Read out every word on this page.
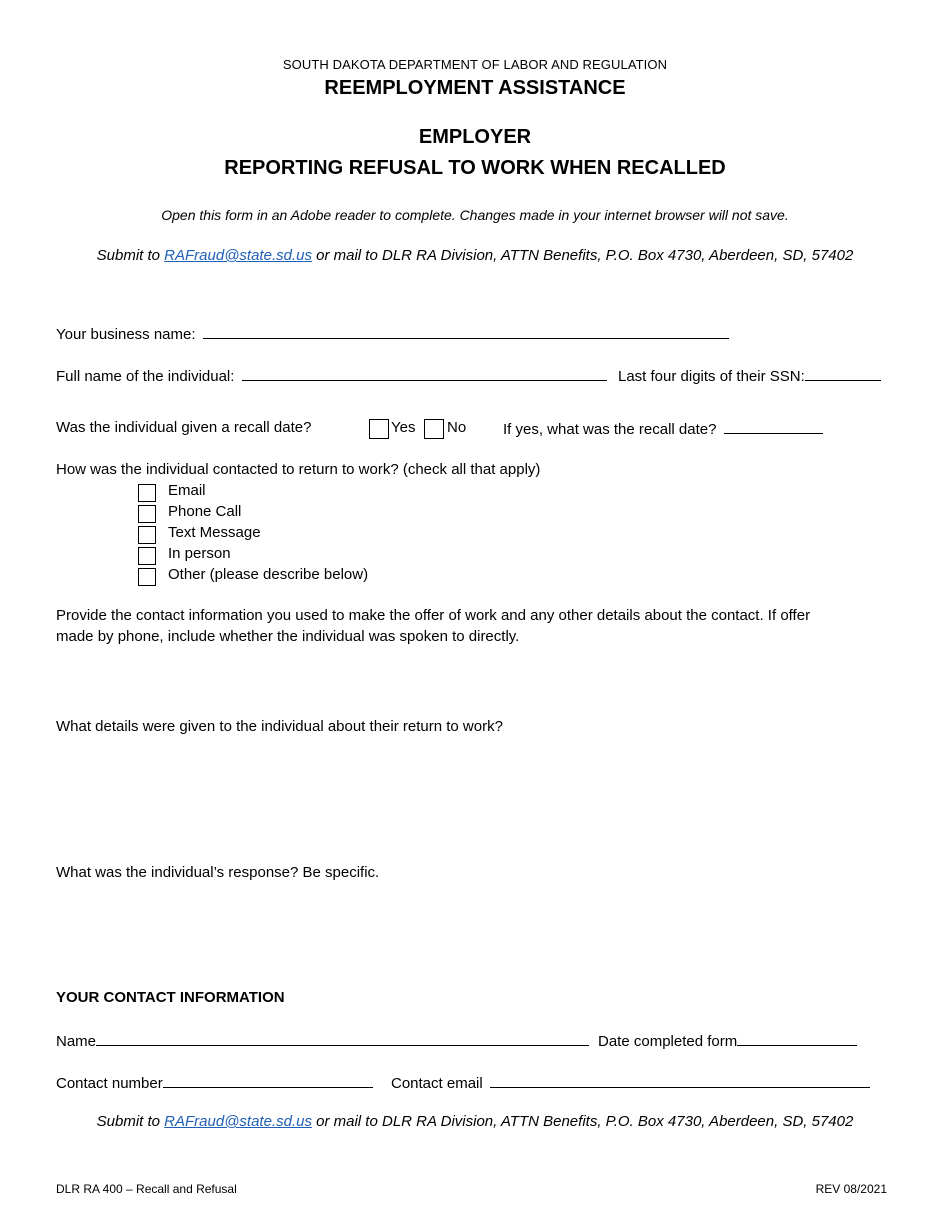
SOUTH DAKOTA DEPARTMENT OF LABOR AND REGULATION
REEMPLOYMENT ASSISTANCE
EMPLOYER
REPORTING REFUSAL TO WORK WHEN RECALLED
Open this form in an Adobe reader to complete. Changes made in your internet browser will not save.
Submit to RAFraud@state.sd.us or mail to DLR RA Division, ATTN Benefits, P.O. Box 4730, Aberdeen, SD, 57402
Your business name:
Full name of the individual:	Last four digits of their SSN:
Was the individual given a recall date?	Yes No If yes, what was the recall date?
How was the individual contacted to return to work? (check all that apply)
Email
Phone Call
Text Message
In person
Other (please describe below)
Provide the contact information you used to make the offer of work and any other details about the contact. If offer
made by phone, include whether the individual was spoken to directly.
What details were given to the individual about their return to work?
What was the individual’s response? Be specific.
YOUR CONTACT INFORMATION
Name	Date completed form
Contact number	Contact email
Submit to RAFraud@state.sd.us or mail to DLR RA Division, ATTN Benefits, P.O. Box 4730, Aberdeen, SD, 57402
DLR RA 400 – Recall and Refusal	REV 08/2021
